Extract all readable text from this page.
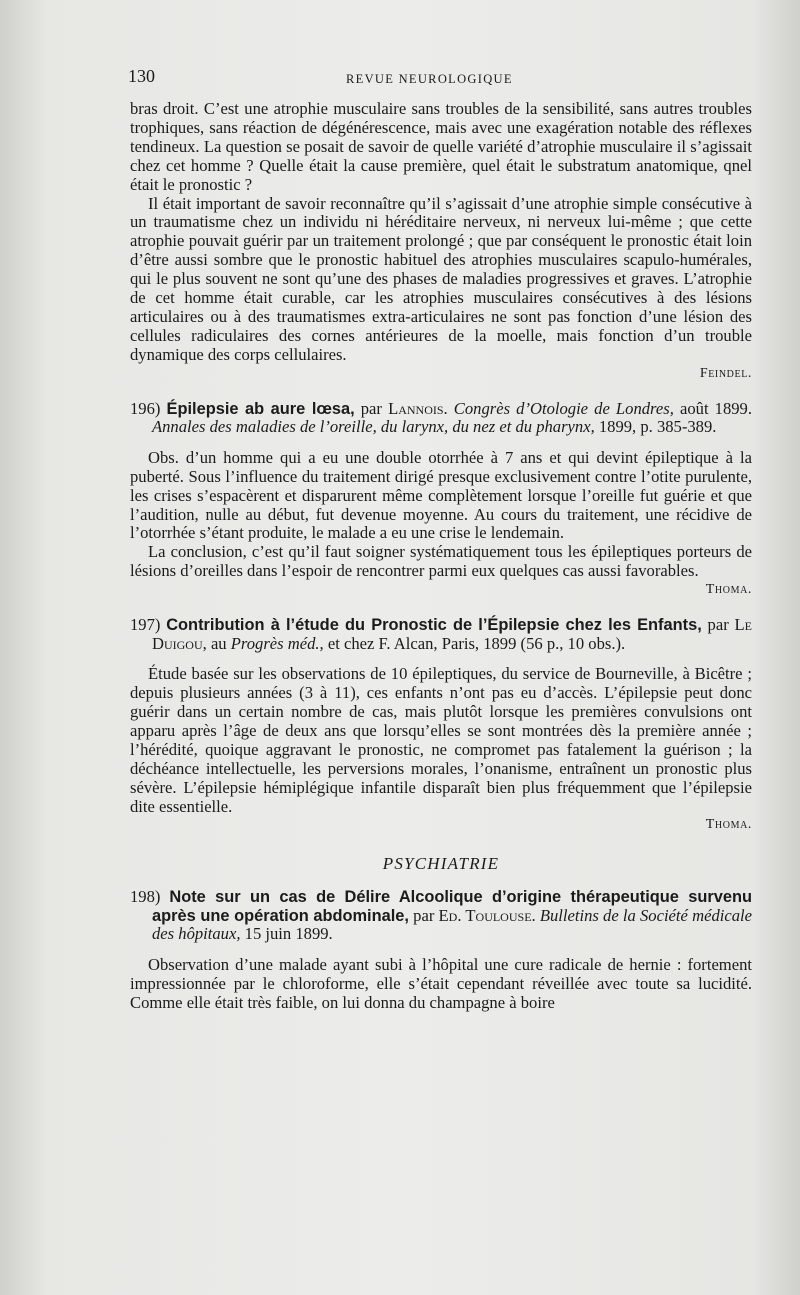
130	REVUE NEUROLOGIQUE

bras droit. C’est une atrophie musculaire sans troubles de la sensibilité, sans autres troubles trophiques, sans réaction de dégénérescence, mais avec une exagération notable des réflexes tendineux. La question se posait de savoir de quelle variété d’atrophie musculaire il s’agissait chez cet homme ? Quelle était la cause première, quel était le substratum anatomique, qnel était le pronostic ?

Il était important de savoir reconnaître qu’il s’agissait d’une atrophie simple consécutive à un traumatisme chez un individu ni héréditaire nerveux, ni nerveux lui-même ; que cette atrophie pouvait guérir par un traitement prolongé ; que par conséquent le pronostic était loin d’être aussi sombre que le pronostic habituel des atrophies musculaires scapulo-humérales, qui le plus souvent ne sont qu’une des phases de maladies progressives et graves. L’atrophie de cet homme était curable, car les atrophies musculaires consécutives à des lésions articulaires ou à des traumatismes extra-articulaires ne sont pas fonction d’une lésion des cellules radiculaires des cornes antérieures de la moelle, mais fonction d’un trouble dynamique des corps cellulaires.

Feindel.

196) Épilepsie ab aure lœsa, par Lannois. Congrès d’Otologie de Londres, août 1899. Annales des maladies de l’oreille, du larynx, du nez et du pharynx, 1899, p. 385-389.

Obs. d’un homme qui a eu une double otorrhée à 7 ans et qui devint épileptique à la puberté. Sous l’influence du traitement dirigé presque exclusivement contre l’otite purulente, les crises s’espacèrent et disparurent même complètement lorsque l’oreille fut guérie et que l’audition, nulle au début, fut devenue moyenne. Au cours du traitement, une récidive de l’otorrhée s’étant produite, le malade a eu une crise le lendemain.

La conclusion, c’est qu’il faut soigner systématiquement tous les épileptiques porteurs de lésions d’oreilles dans l’espoir de rencontrer parmi eux quelques cas aussi favorables.

Thoma.

197) Contribution à l’étude du Pronostic de l’Épilepsie chez les Enfants, par Le Duigou, au Progrès méd., et chez F. Alcan, Paris, 1899 (56 p., 10 obs.).

Étude basée sur les observations de 10 épileptiques, du service de Bourneville, à Bicêtre ; depuis plusieurs années (3 à 11), ces enfants n’ont pas eu d’accès. L’épilepsie peut donc guérir dans un certain nombre de cas, mais plutôt lorsque les premières convulsions ont apparu après l’âge de deux ans que lorsqu’elles se sont montrées dès la première année ; l’hérédité, quoique aggravant le pronostic, ne compromet pas fatalement la guérison ; la déchéance intellectuelle, les perversions morales, l’onanisme, entraînent un pronostic plus sévère. L’épilepsie hémiplégique infantile disparaît bien plus fréquemment que l’épilepsie dite essentielle.

Thoma.

PSYCHIATRIE

198) Note sur un cas de Délire Alcoolique d’origine thérapeutique survenu après une opération abdominale, par Ed. Toulouse. Bulletins de la Société médicale des hôpitaux, 15 juin 1899.

Observation d’une malade ayant subi à l’hôpital une cure radicale de hernie : fortement impressionnée par le chloroforme, elle s’était cependant réveillée avec toute sa lucidité. Comme elle était très faible, on lui donna du champagne à boire
